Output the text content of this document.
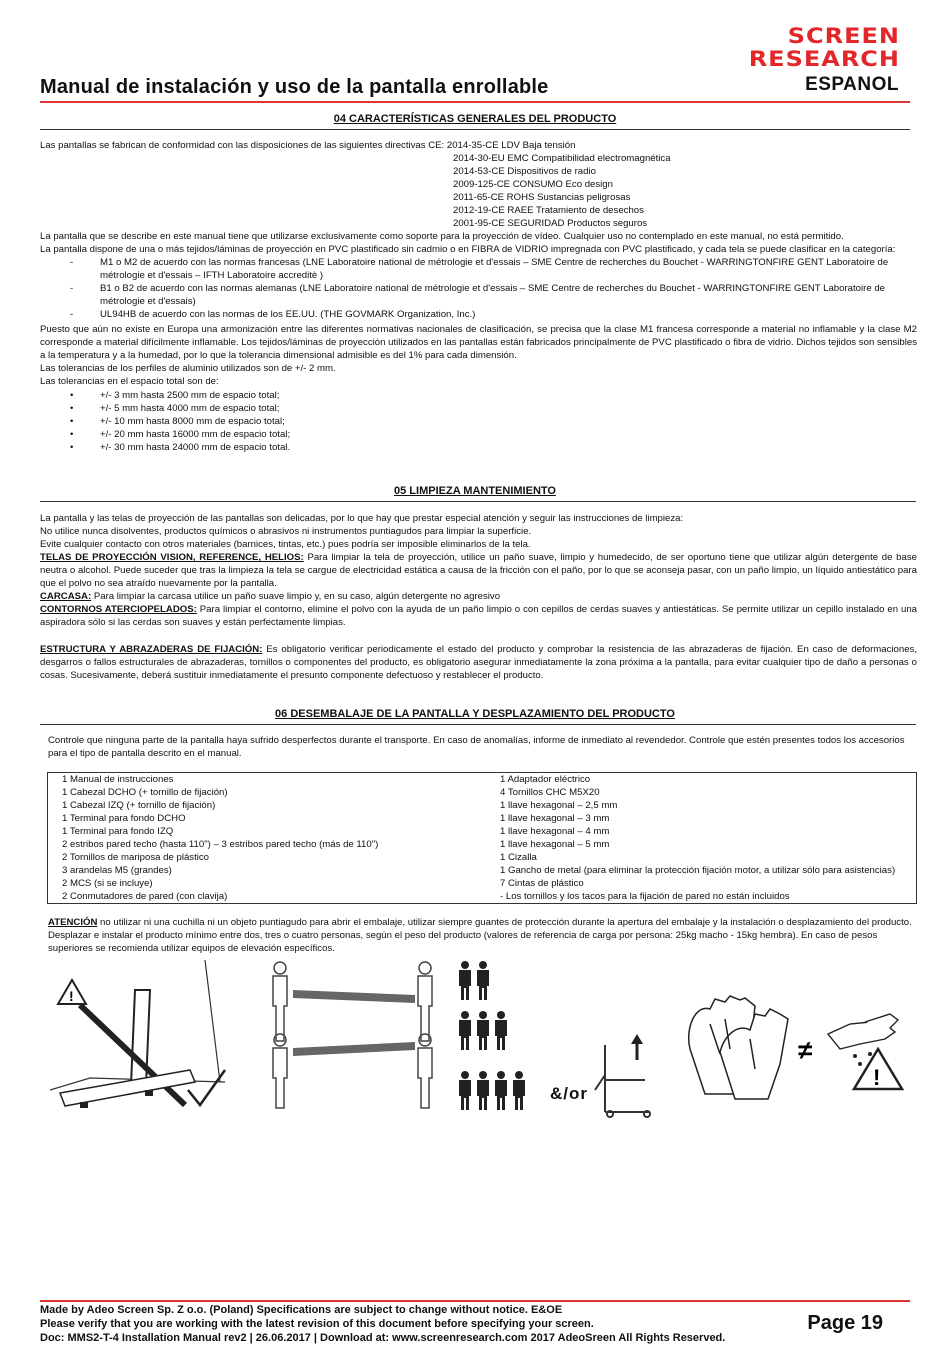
SCREEN
RESEARCH
ESPANOL
Manual de instalación y uso de la pantalla enrollable
04 CARACTERÍSTICAS GENERALES DEL PRODUCTO
Las pantallas se fabrican de conformidad con las disposiciones de las siguientes directivas CE: 2014-35-CE LDV Baja tensión
2014-30-EU EMC Compatibilidad electromagnética
2014-53-CE Dispositivos de radio
2009-125-CE CONSUMO Eco design
2011-65-CE ROHS Sustancias peligrosas
2012-19-CE RAEE Tratamiento de desechos
2001-95-CE SEGURIDAD Productos seguros

La pantalla que se describe en este manual tiene que utilizarse exclusivamente como soporte para la proyección de vídeo. Cualquier uso no contemplado en este manual, no está permitido.

La pantalla dispone de una o más tejidos/láminas de proyección en PVC plastificado sin cadmio o en FIBRA de VIDRIO impregnada con PVC plastificado, y cada tela se puede clasificar en la categoría:

-	M1 o M2 de acuerdo con las normas francesas (LNE Laboratoire national de métrologie et d'essais – SME Centre de recherches du Bouchet - WARRINGTONFIRE GENT Laboratoire de métrologie et d'essais – IFTH Laboratoire accreditè )
-	B1 o B2 de acuerdo con las normas alemanas (LNE Laboratoire national de métrologie et d'essais – SME Centre de recherches du Bouchet - WARRINGTONFIRE GENT Laboratoire de métrologie et d'essais)
-	UL94HB de acuerdo con las normas de los EE.UU. (THE GOVMARK Organization, Inc.)

Puesto que aún no existe en Europa una armonización entre las diferentes normativas nacionales de clasificación, se precisa que la clase M1 francesa corresponde a material no inflamable y la clase M2 corresponde a material difícilmente inflamable. Los tejidos/láminas de proyección utilizados en las pantallas están fabricados principalmente de PVC plastificado o fibra de vidrio. Dichos tejidos son sensibles a la temperatura y a la humedad, por lo que la tolerancia dimensional admisible es del 1% para cada dimensión.

Las tolerancias de los perfiles de aluminio utilizados son de +/- 2 mm.

Las tolerancias en el espacio total son de:

•	+/- 3 mm hasta 2500 mm de espacio total;
•	+/- 5 mm hasta 4000 mm de espacio total;
•	+/- 10 mm hasta 8000 mm de espacio total;
•	+/- 20 mm hasta 16000 mm de espacio total;
•	+/- 30 mm hasta 24000 mm de espacio total.
05 LIMPIEZA MANTENIMIENTO

La pantalla y las telas de proyección de las pantallas son delicadas, por lo que hay que prestar especial atención y seguir las instrucciones de limpieza:

No utilice nunca disolventes, productos químicos o abrasivos ni instrumentos puntiagudos para limpiar la superficie.

Evite cualquier contacto con otros materiales (barnices, tintas, etc.) pues podría ser imposible eliminarlos de la tela.

TELAS DE PROYECCIÓN VISION, REFERENCE, HELIOS: Para limpiar la tela de proyección, utilice un paño suave, limpio y humedecido, de ser oportuno tiene que utilizar algún detergente de base neutra o alcohol. Puede suceder que tras la limpieza la tela se cargue de electricidad estática a causa de la fricción con el paño, por lo que se aconseja pasar, con un paño limpio, un líquido antiestático para que el polvo no sea atraído nuevamente por la pantalla.

CARCASA: Para limpiar la carcasa utilice un paño suave limpio y, en su caso, algún detergente no agresivo

CONTORNOS ATERCIOPELADOS: Para limpiar el contorno, elimine el polvo con la ayuda de un paño limpio o con cepillos de cerdas suaves y antiestáticas. Se permite utilizar un cepillo instalado en una aspiradora sólo si las cerdas son suaves y están perfectamente limpias.

ESTRUCTURA Y ABRAZADERAS DE FIJACIÓN: Es obligatorio verificar periodicamente el estado del producto y comprobar la resistencia de las abrazaderas de fijación. En caso de deformaciones, desgarros o fallos estructurales de abrazaderas, tornillos o componentes del producto, es obligatorio asegurar inmediatamente la zona próxima a la pantalla, para evitar cualquier tipo de daño a personas o cosas. Sucesivamente, deberá sustituir inmediatamente el presunto componente defectuoso y restablecer el producto.

06 DESEMBALAJE DE LA PANTALLA Y DESPLAZAMIENTO DEL PRODUCTO
Controle que ninguna parte de la pantalla haya sufrido desperfectos durante el transporte. En caso de anomalías, informe de inmediato al revendedor. Controle que estén presentes todos los accesorios para el tipo de pantalla descrito en el manual.
1 Manual de instrucciones	1 Adaptador eléctrico
1 Cabezal DCHO (+ tornillo de fijación)	4 Tornillos CHC M5X20
1 Cabezal IZQ (+ tornillo de fijación)	1 llave hexagonal – 2,5 mm
1 Terminal para fondo DCHO	1 llave hexagonal – 3 mm
1 Terminal para fondo IZQ	1 llave hexagonal – 4 mm
2 estribos pared techo (hasta 110") – 3 estribos pared techo (más de 110")	1 llave hexagonal – 5 mm
2 Tornillos de mariposa de plástico	1 Cizalla
3 arandelas M5 (grandes)	1 Gancho de metal (para eliminar la protección fijación motor, a utilizar sólo para asistencias)
2 MCS (si se incluye)	7 Cintas de plástico
2 Conmutadores de pared (con clavija)	- Los tornillos y los tacos para la fijación de pared no están incluidos

ATENCIÓN no utilizar ni una cuchilla ni un objeto puntiagudo para abrir el embalaje, utilizar siempre guantes de protección durante la apertura del embalaje y la instalación o desplazamiento del producto. Desplazar e instalar el producto mínimo entre dos, tres o cuatro personas, según el peso del producto (valores de referencia de carga por persona: 25kg macho - 15kg hembra). En caso de pesos superiores se recomienda utilizar equipos de elevación específicos.

!
&/or
≠
!
Made by Adeo Screen Sp. Z o.o. (Poland) Specifications are subject to change without notice. E&OE
Please verify that you are working with the latest revision of this document before specifying your screen.
Doc: MMS2-T-4 Installation Manual rev2 | 26.06.2017 | Download at: www.screenresearch.com 2017 AdeoSreen All Rights Reserved.
Page 19
